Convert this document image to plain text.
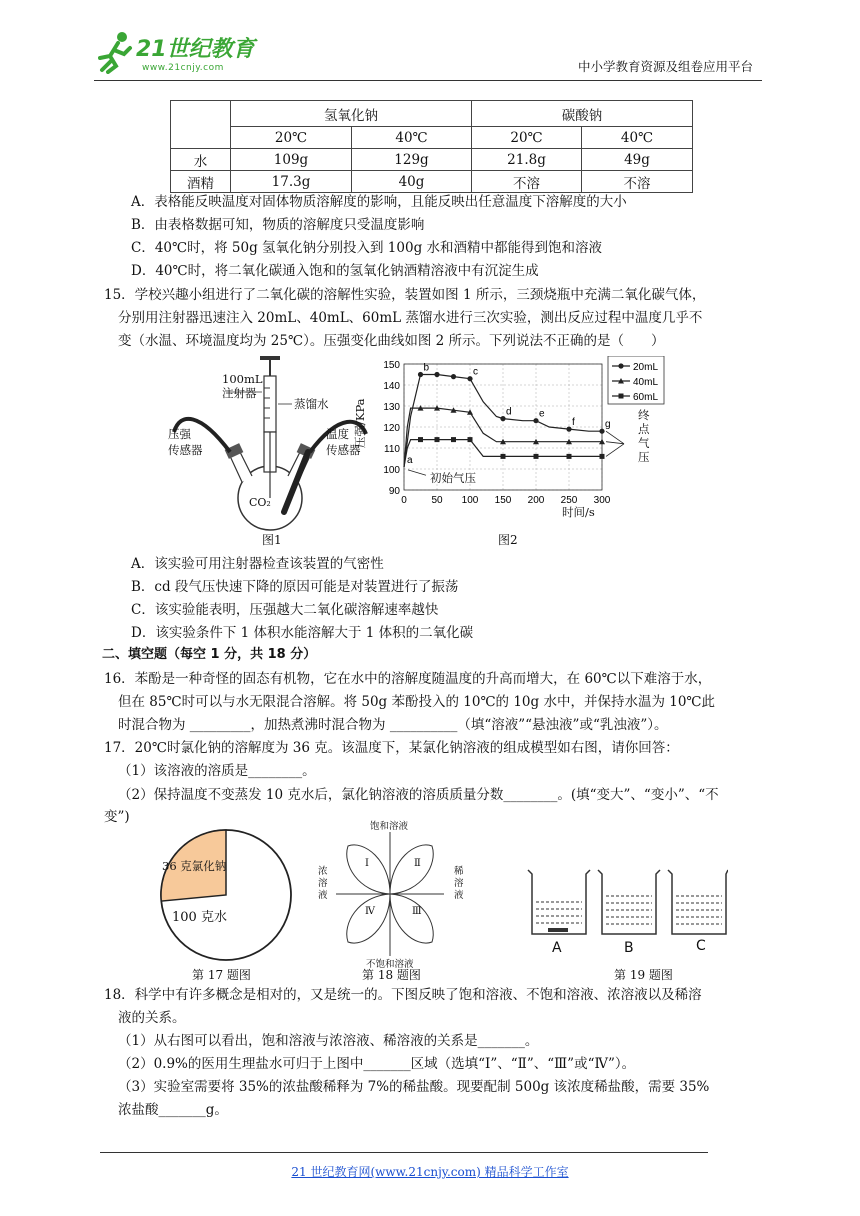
21世纪教育
www.21cnjy.com	中小学教育资源及组卷应用平台
	氢氧化钠		碳酸钠	
	20℃	40℃	20℃	40℃
水	109g	129g	21.8g	49g
酒精	17.3g	40g	不溶	不溶
A．表格能反映温度对固体物质溶解度的影响，且能反映出任意温度下溶解度的大小
B．由表格数据可知，物质的溶解度只受温度影响
C．40℃时，将 50g 氢氧化钠分别投入到 100g 水和酒精中都能得到饱和溶液
D．40℃时，将二氧化碳通入饱和的氢氧化钠酒精溶液中有沉淀生成
15．学校兴趣小组进行了二氧化碳的溶解性实验，装置如图 1 所示，三颈烧瓶中充满二氧化碳气体，
分别用注射器迅速注入 20mL、40mL、60mL 蒸馏水进行三次实验，测出反应过程中温度几乎不
变（水温、环境温度均为 25℃）。压强变化曲线如图 2 所示。下列说法不正确的是（　　）
100mL
注射器
蒸馏水
压强
传感器
温度
传感器
CO₂
图1
90
100
110
120
130
140
150
0 50 100 150 200 250 300
a
b	c
d	e
f	g
20mL
40mL
60mL
压强/KPa
时间/s
初始气压
终
点
气
压
图2
A．该实验可用注射器检查该装置的气密性
B．cd 段气压快速下降的原因可能是对装置进行了振荡
C．该实验能表明，压强越大二氧化碳溶解速率越快
D．该实验条件下 1 体积水能溶解大于 1 体积的二氧化碳
二、填空题（每空 1 分，共 18 分）
16．苯酚是一种奇怪的固态有机物，它在水中的溶解度随温度的升高而增大，在 60℃以下难溶于水，
但在 85℃时可以与水无限混合溶解。将 50g 苯酚投入的 10℃的 10g 水中，并保持水温为 10℃此
时混合物为 _________，加热煮沸时混合物为 __________（填“溶液”“悬浊液”或“乳浊液”）。
17．20℃时氯化钠的溶解度为 36 克。该温度下，某氯化钠溶液的组成模型如右图，请你回答：
（1）该溶液的溶质是________。
（2）保持温度不变蒸发 10 克水后，氯化钠溶液的溶质质量分数________。(填“变大”、“变小”、“不
变”)
36 克氯化钠
100 克水
第 17 题图
饱和溶液
不饱和溶液
浓
溶
液
稀
溶
液
Ⅰ	Ⅱ
Ⅳ	Ⅲ
第 18 题图
A	B	C
第 19 题图
18．科学中有许多概念是相对的，又是统一的。下图反映了饱和溶液、不饱和溶液、浓溶液以及稀溶
液的关系。
（1）从右图可以看出，饱和溶液与浓溶液、稀溶液的关系是_______。
（2）0.9%的医用生理盐水可归于上图中_______区域（选填“Ⅰ”、“Ⅱ”、“Ⅲ”或“Ⅳ”）。
（3）实验室需要将 35%的浓盐酸稀释为 7%的稀盐酸。现要配制 500g 该浓度稀盐酸，需要 35%
浓盐酸_______g。
21 世纪教育网(www.21cnjy.com) 精品科学工作室
